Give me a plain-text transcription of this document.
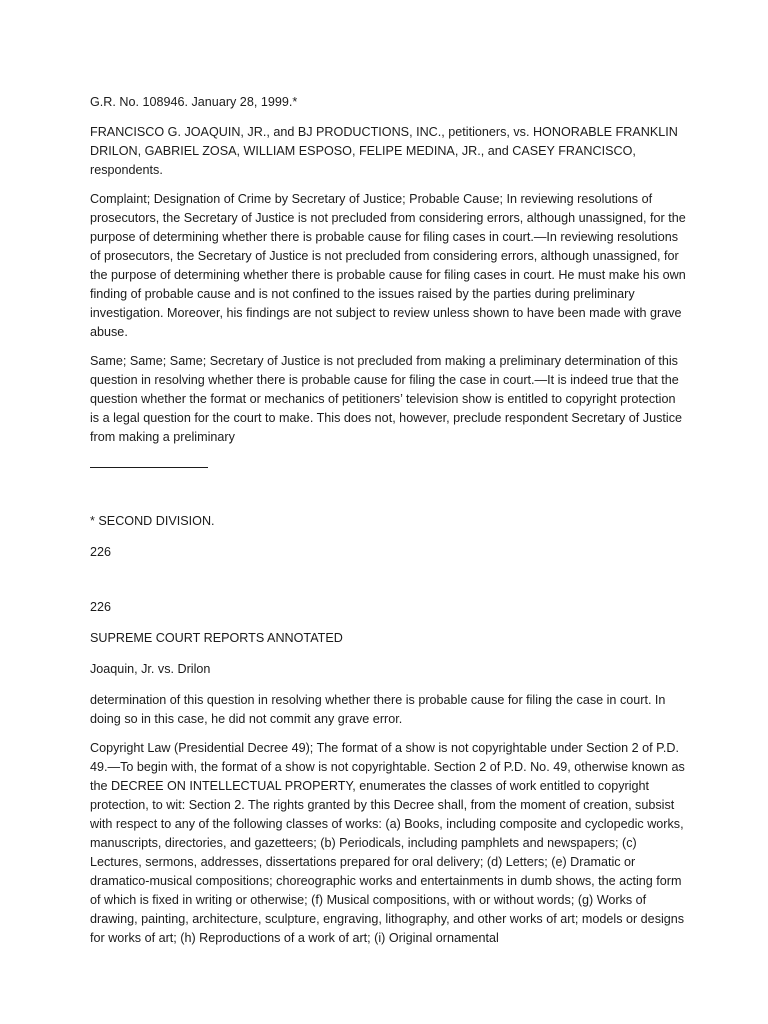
G.R. No. 108946. January 28, 1999.*

FRANCISCO G. JOAQUIN, JR., and BJ PRODUCTIONS, INC., petitioners, vs. HONORABLE FRANKLIN DRILON, GABRIEL ZOSA, WILLIAM ESPOSO, FELIPE MEDINA, JR., and CASEY FRANCISCO, respondents.

Complaint; Designation of Crime by Secretary of Justice; Probable Cause; In reviewing resolutions of prosecutors, the Secretary of Justice is not precluded from considering errors, although unassigned, for the purpose of determining whether there is probable cause for filing cases in court.—In reviewing resolutions of prosecutors, the Secretary of Justice is not precluded from considering errors, although unassigned, for the purpose of determining whether there is probable cause for filing cases in court. He must make his own finding of probable cause and is not confined to the issues raised by the parties during preliminary investigation. Moreover, his findings are not subject to review unless shown to have been made with grave abuse.

Same; Same; Same; Secretary of Justice is not precluded from making a preliminary determination of this question in resolving whether there is probable cause for filing the case in court.—It is indeed true that the question whether the format or mechanics of petitioners’ television show is entitled to copyright protection is a legal question for the court to make. This does not, however, preclude respondent Secretary of Justice from making a preliminary

* SECOND DIVISION.

226

226

SUPREME COURT REPORTS ANNOTATED

Joaquin, Jr. vs. Drilon

determination of this question in resolving whether there is probable cause for filing the case in court. In doing so in this case, he did not commit any grave error.

Copyright Law (Presidential Decree 49); The format of a show is not copyrightable under Section 2 of P.D. 49.—To begin with, the format of a show is not copyrightable. Section 2 of P.D. No. 49, otherwise known as the DECREE ON INTELLECTUAL PROPERTY, enumerates the classes of work entitled to copyright protection, to wit: Section 2. The rights granted by this Decree shall, from the moment of creation, subsist with respect to any of the following classes of works: (a) Books, including composite and cyclopedic works, manuscripts, directories, and gazetteers; (b) Periodicals, including pamphlets and newspapers; (c) Lectures, sermons, addresses, dissertations prepared for oral delivery; (d) Letters; (e) Dramatic or dramatico-musical compositions; choreographic works and entertainments in dumb shows, the acting form of which is fixed in writing or otherwise; (f) Musical compositions, with or without words; (g) Works of drawing, painting, architecture, sculpture, engraving, lithography, and other works of art; models or designs for works of art; (h) Reproductions of a work of art; (i) Original ornamental
